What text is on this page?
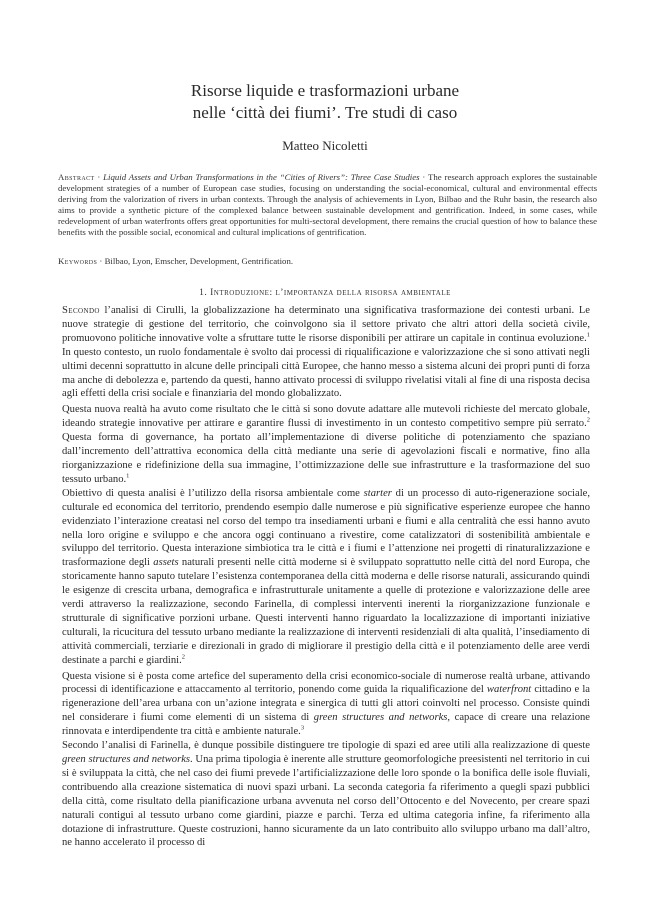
Risorse liquide e trasformazioni urbane
nelle ‘città dei fiumi’. Tre studi di caso
Matteo Nicoletti
Abstract · Liquid Assets and Urban Transformations in the “Cities of Rivers”: Three Case Studies · The research approach explores the sustainable development strategies of a number of European case studies, focusing on understanding the social-economical, cultural and environmental effects deriving from the valorization of rivers in urban contexts. Through the analysis of achievements in Lyon, Bilbao and the Ruhr basin, the research also aims to provide a synthetic picture of the complexed balance between sustainable development and gentrification. Indeed, in some cases, while redevelopment of urban waterfronts offers great opportunities for multi-sectoral development, there remains the crucial question of how to balance these benefits with the possible social, economical and cultural implications of gentrification.
Keywords · Bilbao, Lyon, Emscher, Development, Gentrification.
1. Introduzione: l’importanza della risorsa ambientale

Secondo l’analisi di Cirulli, la globalizzazione ha determinato una significativa trasformazione dei contesti urbani. Le nuove strategie di gestione del territorio, che coinvolgono sia il settore privato che altri attori della società civile, promuovono politiche innovative volte a sfruttare tutte le risorse disponibili per attirare un capitale in continua evoluzione.$^1$ In questo contesto, un ruolo fondamentale è svolto dai processi di riqualificazione e valorizzazione che si sono attivati negli ultimi decenni soprattutto in alcune delle principali città Europee, che hanno messo a sistema alcuni dei propri punti di forza ma anche di debolezza e, partendo da questi, hanno attivato processi di sviluppo rivelatisi vitali al fine di una risposta decisa agli effetti della crisi sociale e finanziaria del mondo globalizzato.

Questa nuova realtà ha avuto come risultato che le città si sono dovute adattare alle mutevoli richieste del mercato globale, ideando strategie innovative per attirare e garantire flussi di investimento in un contesto competitivo sempre più serrato.$^2$ Questa forma di governance, ha portato all’implementazione di diverse politiche di potenziamento che spaziano dall’incremento dell’attrattiva economica della città mediante una serie di agevolazioni fiscali e normative, fino alla riorganizzazione e ridefinizione della sua immagine, l’ottimizzazione delle sue infrastrutture e la trasformazione del suo tessuto urbano.$^1$

Obiettivo di questa analisi è l’utilizzo della risorsa ambientale come starter di un processo di auto-rigenerazione sociale, culturale ed economica del territorio, prendendo esempio dalle numerose e più significative esperienze europee che hanno evidenziato l’interazione creatasi nel corso del tempo tra insediamenti urbani e fiumi e alla centralità che essi hanno avuto nella loro origine e sviluppo e che ancora oggi continuano a rivestire, come catalizzatori di sostenibilità ambientale e sviluppo del territorio. Questa interazione simbiotica tra le città e i fiumi e l’attenzione nei progetti di rinaturalizzazione e trasformazione degli assets naturali presenti nelle città moderne si è sviluppato soprattutto nelle città del nord Europa, che storicamente hanno saputo tutelare l’esistenza contemporanea della città moderna e delle risorse naturali, assicurando quindi le esigenze di crescita urbana, demografica e infrastrutturale unitamente a quelle di protezione e valorizzazione delle aree verdi attraverso la realizzazione, secondo Farinella, di complessi interventi inerenti la riorganizzazione funzionale e strutturale di significative porzioni urbane. Questi interventi hanno riguardato la localizzazione di importanti iniziative culturali, la ricucitura del tessuto urbano mediante la realizzazione di interventi residenziali di alta qualità, l’insediamento di attività commerciali, terziarie e direzionali in grado di migliorare il prestigio della città e il potenziamento delle aree verdi destinate a parchi e giardini.$^2$

Questa visione si è posta come artefice del superamento della crisi economico-sociale di numerose realtà urbane, attivando processi di identificazione e attaccamento al territorio, ponendo come guida la riqualificazione del waterfront cittadino e la rigenerazione dell’area urbana con un’azione integrata e sinergica di tutti gli attori coinvolti nel processo. Consiste quindi nel considerare i fiumi come elementi di un sistema di green structures and networks, capace di creare una relazione rinnovata e interdipendente tra città e ambiente naturale.$^3$

Secondo l’analisi di Farinella, è dunque possibile distinguere tre tipologie di spazi ed aree utili alla realizzazione di queste green structures and networks. Una prima tipologia è inerente alle strutture geomorfologiche preesistenti nel territorio in cui si è sviluppata la città, che nel caso dei fiumi prevede l’artificializzazione delle loro sponde o la bonifica delle isole fluviali, contribuendo alla creazione sistematica di nuovi spazi urbani. La seconda categoria fa riferimento a quegli spazi pubblici della città, come risultato della pianificazione urbana avvenuta nel corso dell’Ottocento e del Novecento, per creare spazi naturali contigui al tessuto urbano come giardini, piazze e parchi. Terza ed ultima categoria infine, fa riferimento alla dotazione di infrastrutture. Queste costruzioni, hanno sicuramente da un lato contribuito allo sviluppo urbano ma dall’altro, ne hanno accelerato il processo di
